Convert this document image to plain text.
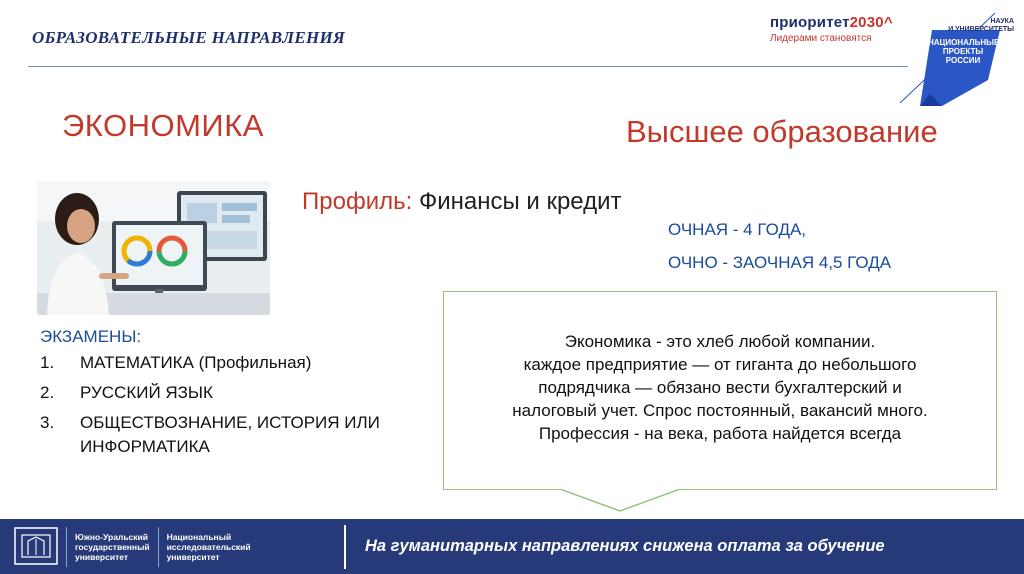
ОБРАЗОВАТЕЛЬНЫЕ НАПРАВЛЕНИЯ
приоритет2030^
Лидерами становятся
НАУКА
И УНИВЕРСИТЕТЫ
НАЦИОНАЛЬНЫЕ
ПРОЕКТЫ
РОССИИ
ЭКОНОМИКА	Высшее образование
Профиль: Финансы и кредит
ОЧНАЯ - 4 ГОДА,
ОЧНО - ЗАОЧНАЯ 4,5 ГОДА
ЭКЗАМЕНЫ:
1.	МАТЕМАТИКА (Профильная)
2.	РУССКИЙ ЯЗЫК
3.	ОБЩЕСТВОЗНАНИЕ, ИСТОРИЯ ИЛИ ИНФОРМАТИКА
Экономика - это хлеб любой компании.
каждое предприятие — от гиганта до небольшого
подрядчика — обязано вести бухгалтерский и
налоговый учет. Спрос постоянный, вакансий много.
Профессия - на века, работа найдется всегда
Южно-Уральский
государственный
университет
Национальный
исследовательский
университет
На гуманитарных направлениях снижена оплата за обучение
